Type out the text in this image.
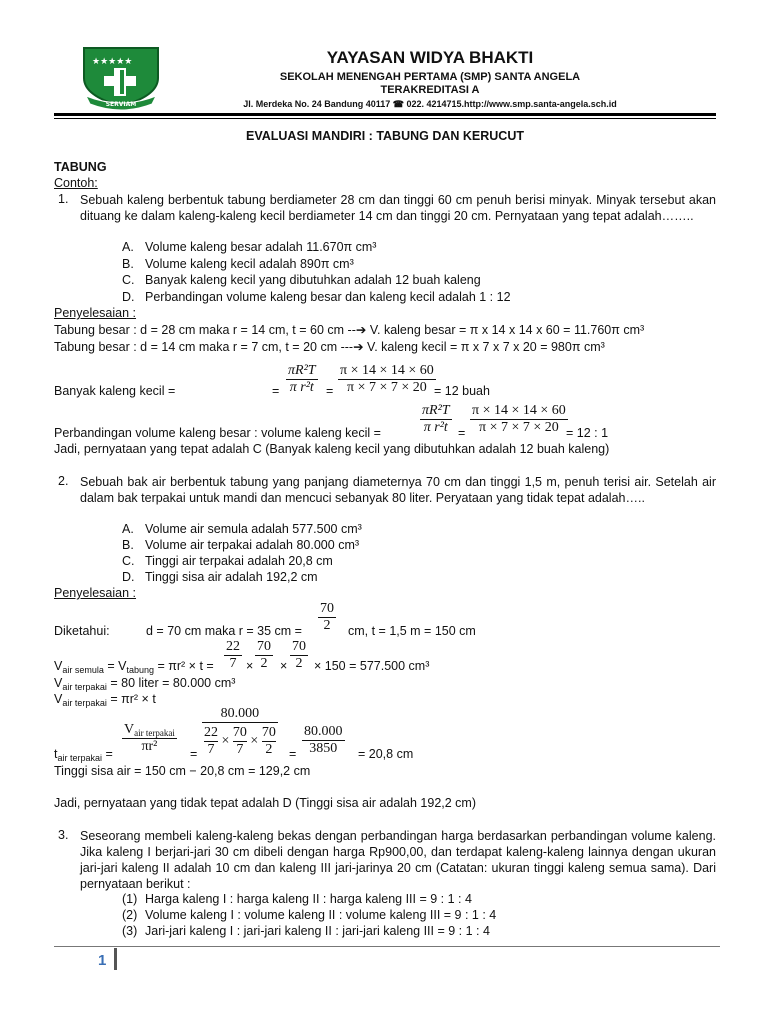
★★★★★
SERVIAM
YAYASAN WIDYA BHAKTI
SEKOLAH MENENGAH PERTAMA (SMP) SANTA ANGELA
TERAKREDITASI A
Jl. Merdeka No. 24 Bandung 40117 ☎ 022. 4214715.http://www.smp.santa-angela.sch.id
EVALUASI MANDIRI : TABUNG DAN KERUCUT
TABUNG
Contoh:
1. Sebuah kaleng berbentuk tabung berdiameter 28 cm dan tinggi 60 cm penuh berisi minyak. Minyak tersebut akan dituang ke dalam kaleng-kaleng kecil berdiameter 14 cm dan tinggi 20 cm. Pernyataan yang tepat adalah……..
A. Volume kaleng besar adalah 11.670π cm³
B. Volume kaleng kecil adalah 890π cm³
C. Banyak kaleng kecil yang dibutuhkan adalah 12 buah kaleng
D. Perbandingan volume kaleng besar dan kaleng kecil adalah 1 : 12
Penyelesaian :
Tabung besar : d = 28 cm maka r = 14 cm, t = 60 cm --➔ V. kaleng besar = π x 14 x 14 x 60 = 11.760π cm³
Tabung besar : d = 14 cm maka r = 7 cm, t = 20 cm ---➔ V. kaleng kecil = π x 7 x 7 x 20 = 980π cm³
Banyak kaleng kecil =	= $\frac{\text{πR²T}}{\text{π r²t}} = \frac{\pi \times 14 \times 14 \times 60}{\pi \times 7 \times 7 \times 20}$
= 12 buah
Perbandingan volume kaleng besar : volume kaleng kecil =	$\frac{\text{πR²T}}{\text{π r²t}} = \frac{\pi \times 14 \times 14 \times 60}{\pi \times 7 \times 7 \times 20}$
= 12 : 1
Jadi, pernyataan yang tepat adalah C (Banyak kaleng kecil yang dibutuhkan adalah 12 buah kaleng)
2. Sebuah bak air berbentuk tabung yang panjang diameternya 70 cm dan tinggi 1,5 m, penuh terisi air. Setelah air dalam bak terpakai untuk mandi dan mencuci sebanyak 80 liter. Peryataan yang tidak tepat adalah…..
A. Volume air semula adalah 577.500 cm³
B. Volume air terpakai adalah 80.000 cm³
C. Tinggi air terpakai adalah 20,8 cm
D. Tinggi sisa air adalah 192,2 cm
Penyelesaian :
Diketahui:	d = 70 cm maka r = 35 cm = $\frac{70}{2}$ cm, t = 1,5 m = 150 cm
$V_{air semula} = V_{tabung} = \pi r^2 \times t = \frac{22}{7} \times \frac{70}{2} \times \frac{70}{2} \times 150 = 577.500$ cm³
$V_{air terpakai} = 80$ liter = 80.000 cm³
$V_{air terpakai} = \pi r^2 \times t$
$t_{air terpakai}$ =
$V_{air terpakai}$
πr²	= $\frac{80.000}{\frac{22}{7} \times \frac{70}{7} \times \frac{70}{2}} = \frac{80.000}{3850} = 20,8$ cm
Tinggi sisa air = 150 cm − 20,8 cm = 129,2 cm
Jadi, pernyataan yang tidak tepat adalah D (Tinggi sisa air adalah 192,2 cm)
3. Seseorang membeli kaleng-kaleng bekas dengan perbandingan harga berdasarkan perbandingan volume kaleng. Jika kaleng I berjari-jari 30 cm dibeli dengan harga Rp900,00, dan terdapat kaleng-kaleng lainnya dengan ukuran jari-jari kaleng II adalah 10 cm dan kaleng III jari-jarinya 20 cm (Catatan: ukuran tinggi kaleng semua sama). Dari pernyataan berikut :
(1) Harga kaleng I : harga kaleng II : harga kaleng III = 9 : 1 : 4
(2) Volume kaleng I : volume kaleng II : volume kaleng III = 9 : 1 : 4
(3) Jari-jari kaleng I : jari-jari kaleng II : jari-jari kaleng III = 9 : 1 : 4
1
